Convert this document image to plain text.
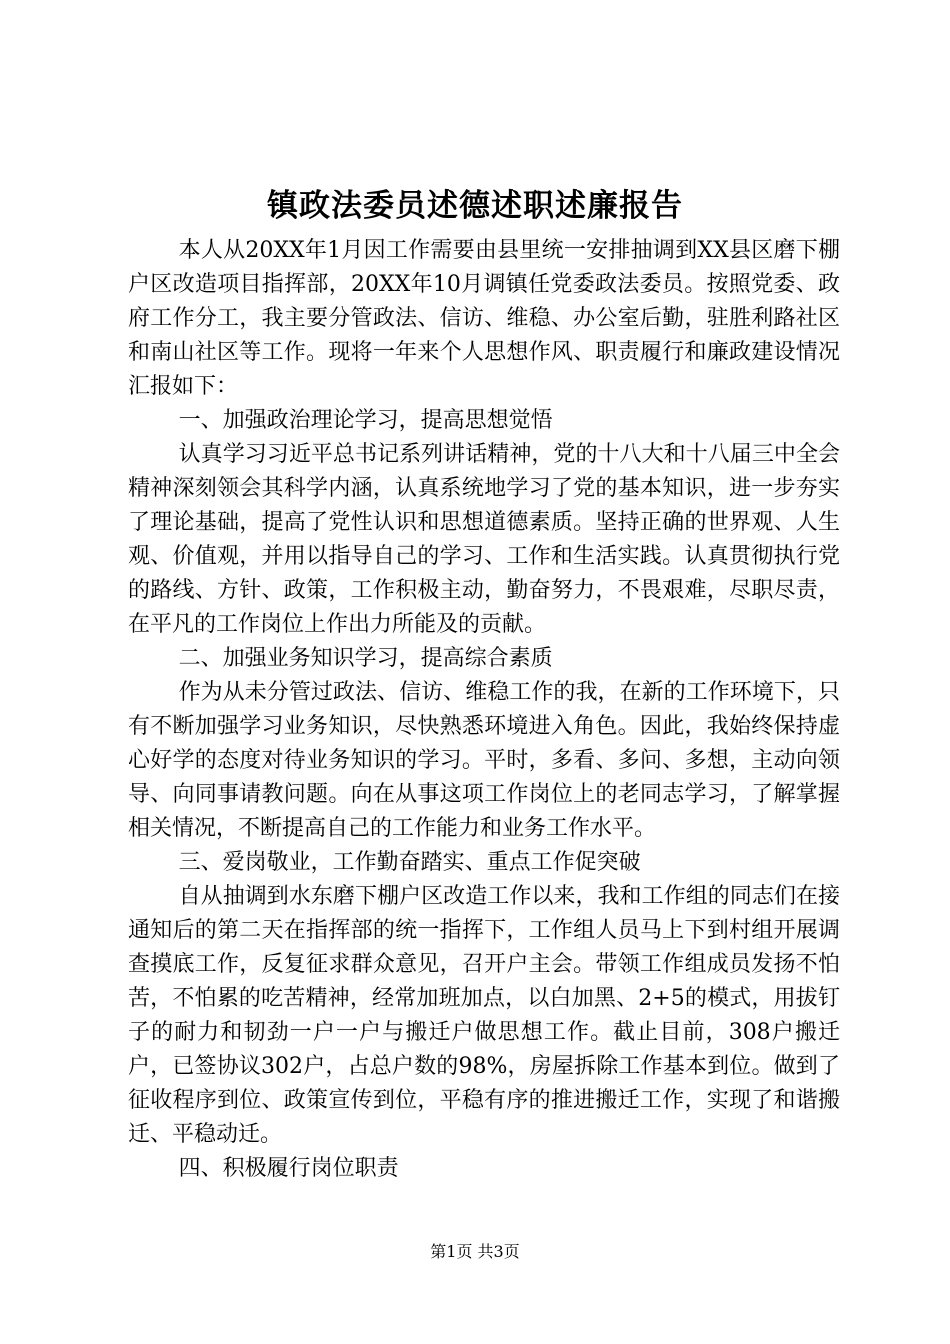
镇政法委员述德述职述廉报告

本人从20XX年1月因工作需要由县里统一安排抽调到XX县区磨下棚户区改造项目指挥部，20XX年10月调镇任党委政法委员。按照党委、政府工作分工，我主要分管政法、信访、维稳、办公室后勤，驻胜利路社区和南山社区等工作。现将一年来个人思想作风、职责履行和廉政建设情况汇报如下：

一、加强政治理论学习，提高思想觉悟

认真学习习近平总书记系列讲话精神，党的十八大和十八届三中全会精神深刻领会其科学内涵，认真系统地学习了党的基本知识，进一步夯实了理论基础，提高了党性认识和思想道德素质。坚持正确的世界观、人生观、价值观，并用以指导自己的学习、工作和生活实践。认真贯彻执行党的路线、方针、政策，工作积极主动，勤奋努力，不畏艰难，尽职尽责，在平凡的工作岗位上作出力所能及的贡献。

二、加强业务知识学习，提高综合素质

作为从未分管过政法、信访、维稳工作的我，在新的工作环境下，只有不断加强学习业务知识，尽快熟悉环境进入角色。因此，我始终保持虚心好学的态度对待业务知识的学习。平时，多看、多问、多想，主动向领导、向同事请教问题。向在从事这项工作岗位上的老同志学习，了解掌握相关情况，不断提高自己的工作能力和业务工作水平。

三、爱岗敬业，工作勤奋踏实、重点工作促突破

自从抽调到水东磨下棚户区改造工作以来，我和工作组的同志们在接通知后的第二天在指挥部的统一指挥下，工作组人员马上下到村组开展调查摸底工作，反复征求群众意见，召开户主会。带领工作组成员发扬不怕苦，不怕累的吃苦精神，经常加班加点，以白加黑、2+5的模式，用拔钉子的耐力和韧劲一户一户与搬迁户做思想工作。截止目前，308户搬迁户，已签协议302户，占总户数的98%，房屋拆除工作基本到位。做到了征收程序到位、政策宣传到位，平稳有序的推进搬迁工作，实现了和谐搬迁、平稳动迁。

四、积极履行岗位职责

第1页 共3页
